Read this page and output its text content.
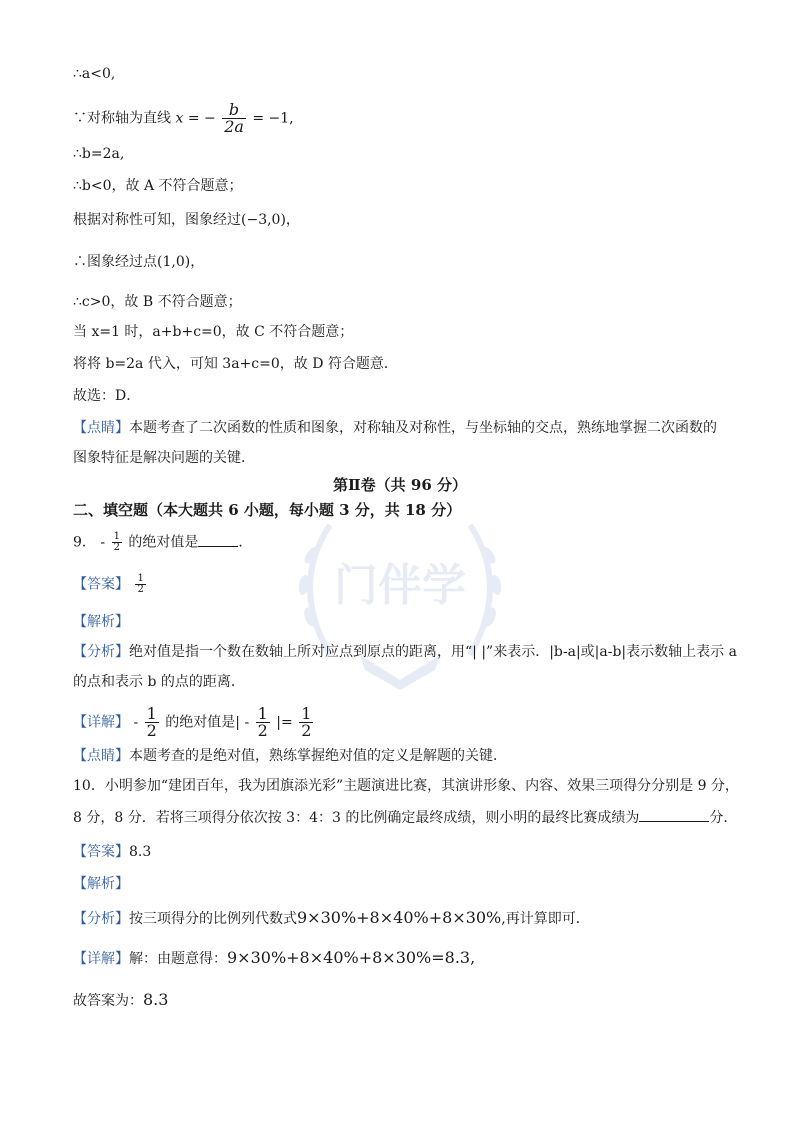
门伴学
∴a<0,
∵对称轴为直线 x = − $\frac{b}{2a} = -1$,
∴b=2a,
∴b<0，故 A 不符合题意；
根据对称性可知，图象经过(−3,0)，
∴图象经过点(1,0)，
∴c>0，故 B 不符合题意；
当 x=1 时，a+b+c=0，故 C 不符合题意；
将将 b=2a 代入，可知 3a+c=0，故 D 符合题意．
故选：D．
【点睛】本题考查了二次函数的性质和图象，对称轴及对称性，与坐标轴的交点，熟练地掌握二次函数的
图象特征是解决问题的关键．
第Ⅱ卷（共 96 分）
二、填空题（本大题共 6 小题，每小题 3 分，共 18 分）
9． - $\frac{1}{2}$ 的绝对值是	．
【答案】 $\frac{1}{2}$
【解析】
【分析】绝对值是指一个数在数轴上所对应点到原点的距离，用“| |”来表示．|b-a|或|a-b|表示数轴上表示 a
的点和表示 b 的点的距离．
【详解】 - $\frac{1}{2}$ 的绝对值是| - $\frac{1}{2}$ |= $\frac{1}{2}$
【点睛】本题考查的是绝对值，熟练掌握绝对值的定义是解题的关键．
10．小明参加“建团百年，我为团旗添光彩”主题演进比赛，其演讲形象、内容、效果三项得分分别是 9 分，
8 分，8 分．若将三项得分依次按 3：4：3 的比例确定最终成绩，则小明的最终比赛成绩为	分．
【答案】8.3
【解析】
【分析】按三项得分的比例列代数式9×30%+8×40%+8×30%,再计算即可．
【详解】解：由题意得：9×30%+8×40%+8×30%=8.3,
故答案为：8.3
